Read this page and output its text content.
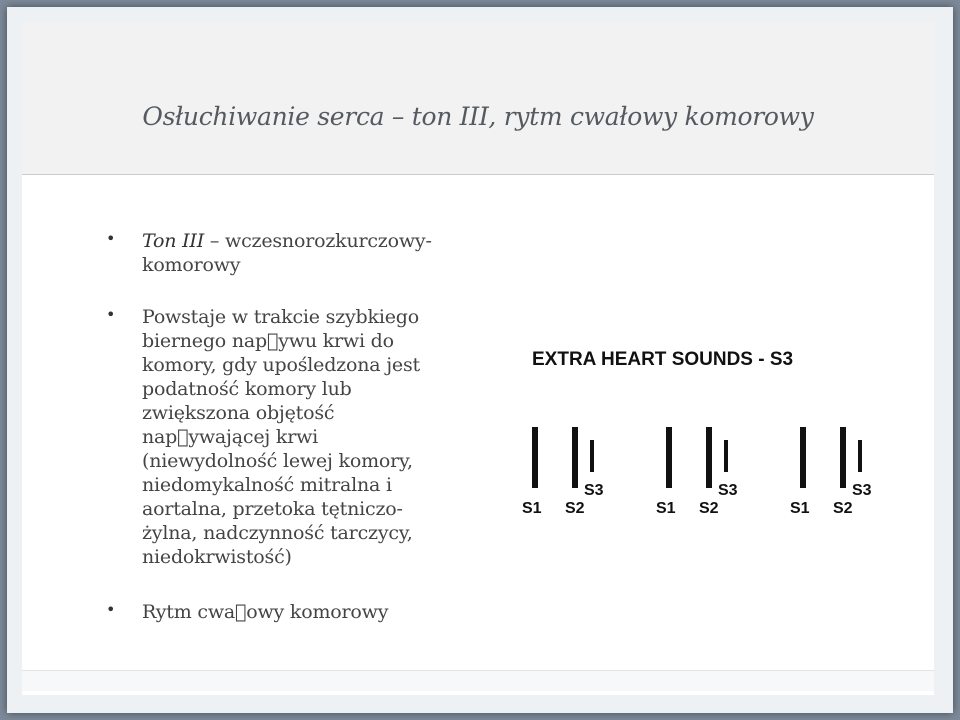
Osłuchiwanie serca – ton III, rytm cwałowy komorowy
• Ton III – wczesnorozkurczowy-komorowy
• Powstaje w trakcie szybkiego biernego nap ywu krwi do komory, gdy upośledzona jest podatność komory lub zwiększona objętość nap ywającej krwi (niewydolność lewej komory, niedomykalność mitralna i aortalna, przetoka tętniczo-żylna, nadczynność tarczycy, niedokrwistość)
• Rytm cwa owy komorowy
EXTRA HEART SOUNDS - S3
S1 S2
S3
S1 S2
S3
S1 S2
S3
